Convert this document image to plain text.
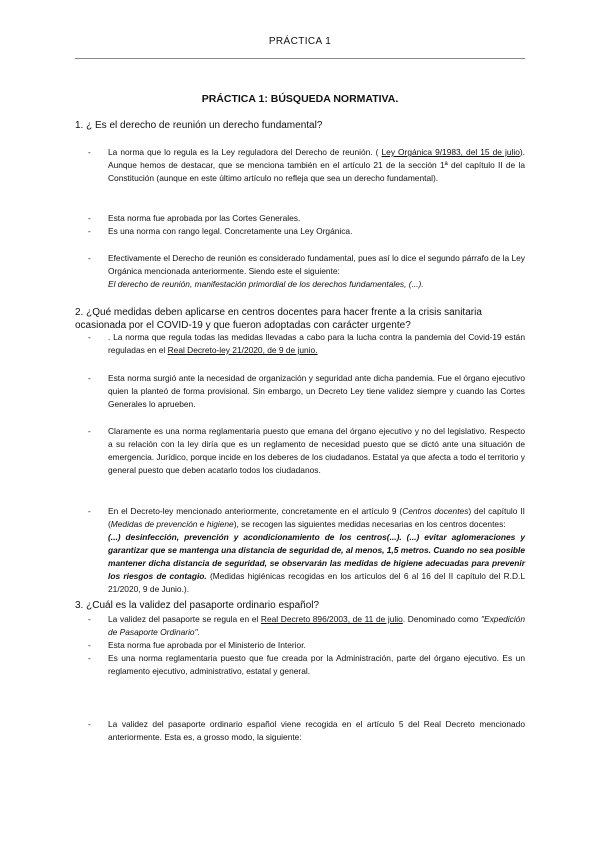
PRÁCTICA 1
PRÁCTICA 1: BÚSQUEDA NORMATIVA.
1. ¿ Es el derecho de reunión un derecho fundamental?
- La norma que lo regula es la Ley reguladora del Derecho de reunión. ( Ley Orgánica 9/1983, del 15 de julio). Aunque hemos de destacar, que se menciona también en el artículo 21 de la sección 1ª del capítulo II de la Constitución (aunque en este último artículo no refleja que sea un derecho fundamental).
- Esta norma fue aprobada por las Cortes Generales.
- Es una norma con rango legal. Concretamente una Ley Orgánica.
- Efectivamente el Derecho de reunión es considerado fundamental, pues así lo dice el segundo párrafo de la Ley Orgánica mencionada anteriormente. Siendo este el siguiente:
El derecho de reunión, manifestación primordial de los derechos fundamentales, (...).
2. ¿Qué medidas deben aplicarse en centros docentes para hacer frente a la crisis sanitaria ocasionada por el COVID-19 y que fueron adoptadas con carácter urgente?
- . La norma que regula todas las medidas llevadas a cabo para la lucha contra la pandemia del Covid-19 están reguladas en el Real Decreto-ley 21/2020, de 9 de junio.
- Esta norma surgió ante la necesidad de organización y seguridad ante dicha pandemia. Fue el órgano ejecutivo quien la planteó de forma provisional. Sin embargo, un Decreto Ley tiene validez siempre y cuando las Cortes Generales lo aprueben.
- Claramente es una norma reglamentaria puesto que emana del órgano ejecutivo y no del legislativo. Respecto a su relación con la ley diría que es un reglamento de necesidad puesto que se dictó ante una situación de emergencia. Jurídico, porque incide en los deberes de los ciudadanos. Estatal ya que afecta a todo el territorio y general puesto que deben acatarlo todos los ciudadanos.
- En el Decreto-ley mencionado anteriormente, concretamente en el artículo 9 (Centros docentes) del capítulo II (Medidas de prevención e higiene), se recogen las siguientes medidas necesarias en los centros docentes:
(...) desinfección, prevención y acondicionamiento de los centros(...). (...) evitar aglomeraciones y garantizar que se mantenga una distancia de seguridad de, al menos, 1,5 metros. Cuando no sea posible mantener dicha distancia de seguridad, se observarán las medidas de higiene adecuadas para prevenir los riesgos de contagio. (Medidas higiénicas recogidas en los artículos del 6 al 16 del II capítulo del R.D.L 21/2020, 9 de Junio.).
3. ¿Cuál es la validez del pasaporte ordinario español?
- La validez del pasaporte se regula en el Real Decreto 896/2003, de 11 de julio. Denominado como "Expedición de Pasaporte Ordinario".
- Esta norma fue aprobada por el Ministerio de Interior.
- Es una norma reglamentaria puesto que fue creada por la Administración, parte del órgano ejecutivo. Es un reglamento ejecutivo, administrativo, estatal y general.
- La validez del pasaporte ordinario español viene recogida en el artículo 5 del Real Decreto mencionado anteriormente. Esta es, a grosso modo, la siguiente:
